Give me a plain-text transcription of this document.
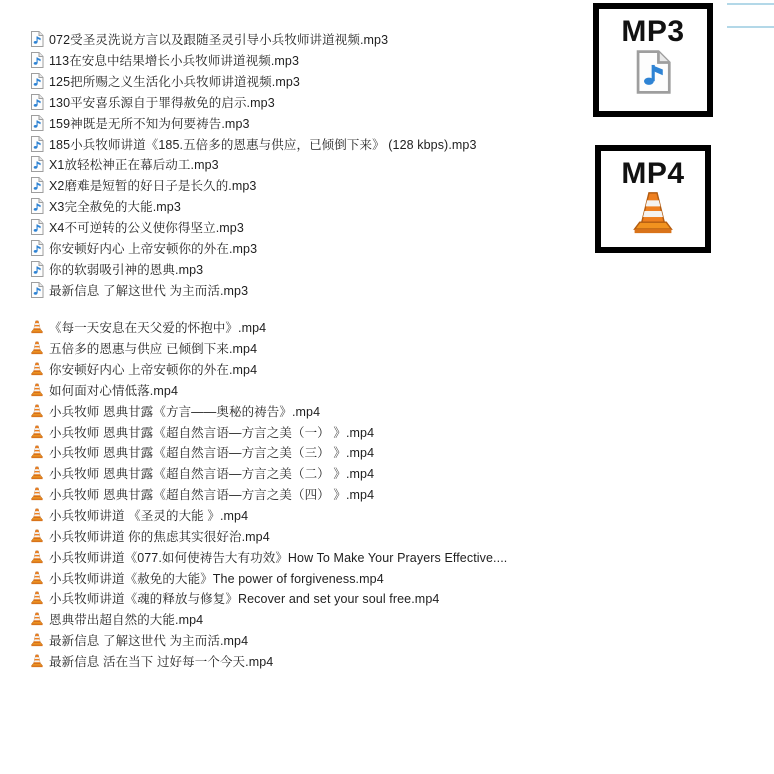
072受圣灵洗说方言以及跟随圣灵引导小兵牧师讲道视频.mp3
113在安息中结果增长小兵牧师讲道视频.mp3
125把所赐之义生活化小兵牧师讲道视频.mp3
130平安喜乐源自于罪得赦免的启示.mp3
159神既是无所不知为何要祷告.mp3
185小兵牧师讲道《185.五倍多的恩惠与供应，已倾倒下来》 (128 kbps).mp3
X1放轻松神正在幕后动工.mp3
X2磨难是短暂的好日子是长久的.mp3
X3完全赦免的大能.mp3
X4不可逆转的公义使你得坚立.mp3
你安顿好内心 上帝安顿你的外在.mp3
你的软弱吸引神的恩典.mp3
最新信息 了解这世代 为主而活.mp3
《每一天安息在天父爱的怀抱中》.mp4
五倍多的恩惠与供应 已倾倒下来.mp4
你安顿好内心 上帝安顿你的外在.mp4
如何面对心情低落.mp4
小兵牧师 恩典甘露《方言——奥秘的祷告》.mp4
小兵牧师 恩典甘露《超自然言语—方言之美（一） 》.mp4
小兵牧师 恩典甘露《超自然言语—方言之美（三） 》.mp4
小兵牧师 恩典甘露《超自然言语—方言之美（二） 》.mp4
小兵牧师 恩典甘露《超自然言语—方言之美（四） 》.mp4
小兵牧师讲道 《圣灵的大能 》.mp4
小兵牧师讲道 你的焦虑其实很好治.mp4
小兵牧师讲道《077.如何使祷告大有功效》How To Make Your Prayers Effective....
小兵牧师讲道《赦免的大能》The power of forgiveness.mp4
小兵牧师讲道《魂的释放与修复》Recover and set your soul free.mp4
恩典带出超自然的大能.mp4
最新信息 了解这世代 为主而活.mp4
最新信息 活在当下 过好每一个今天.mp4
MP3
MP4
